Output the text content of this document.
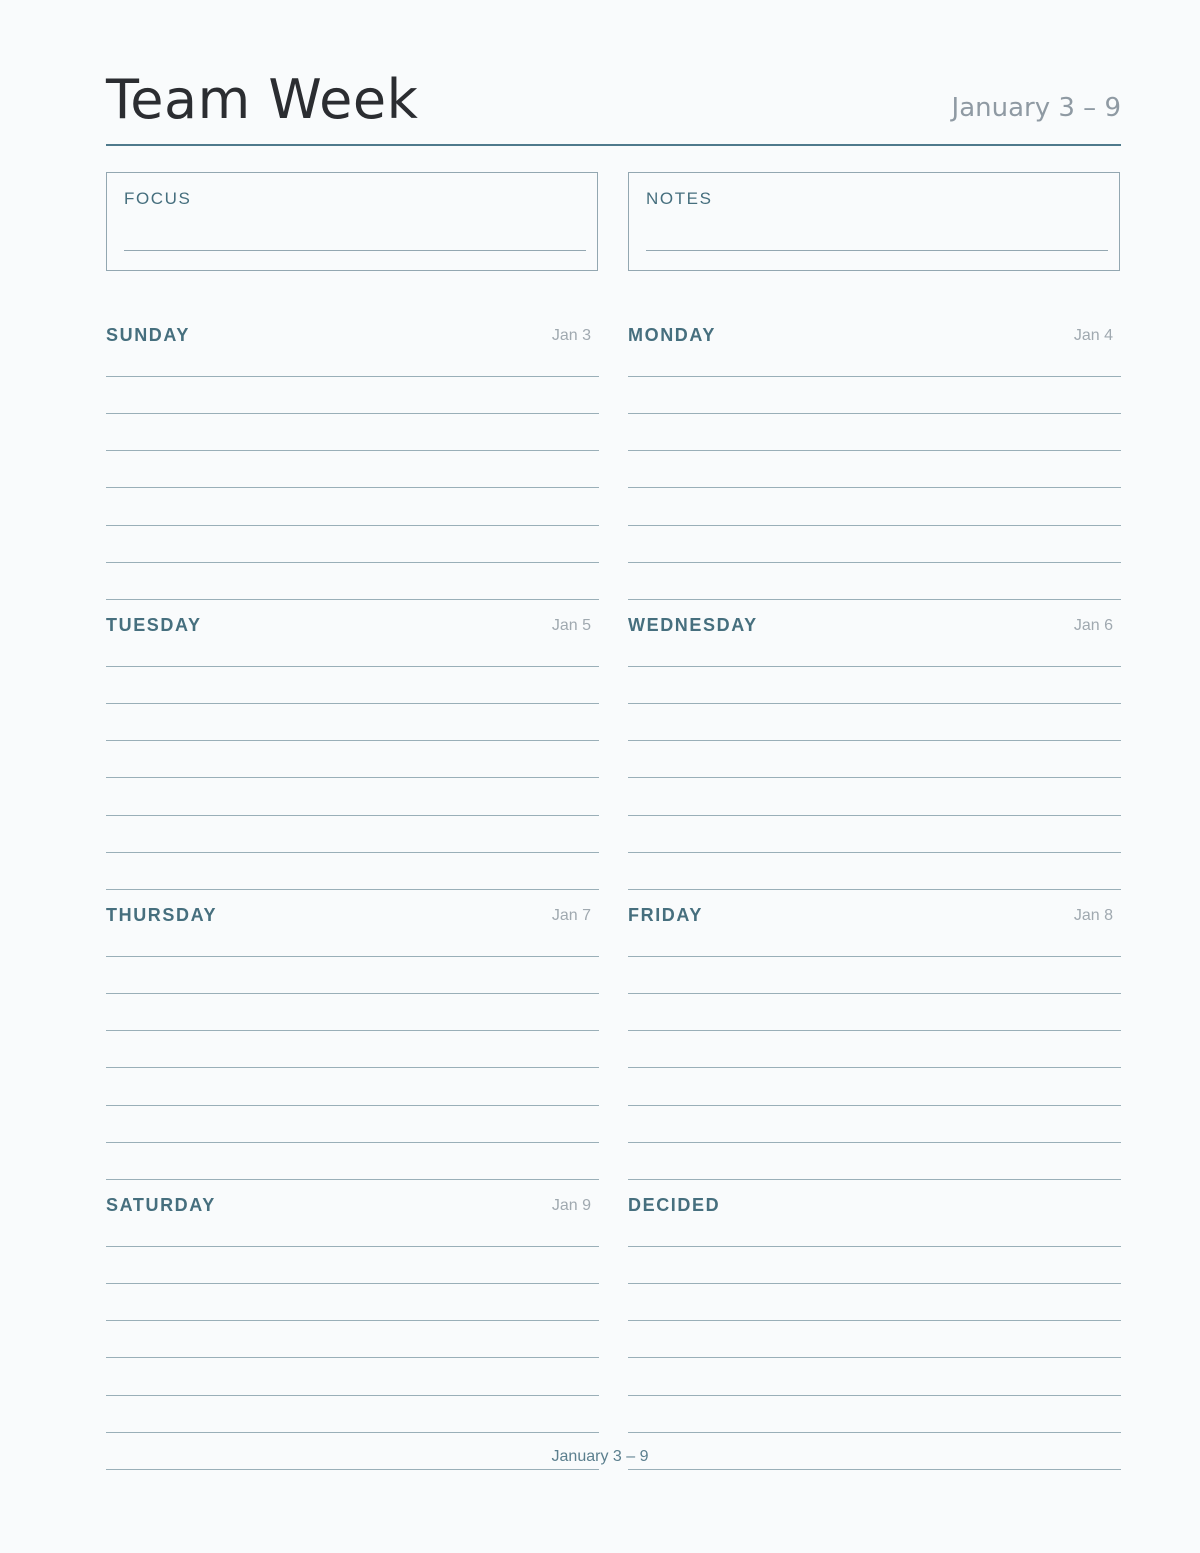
Team Week	January 3 – 9
FOCUS	NOTES
SUNDAY	Jan 3 MONDAY	Jan 4
TUESDAY	Jan 5 WEDNESDAY	Jan 6
THURSDAY	Jan 7 FRIDAY	Jan 8
SATURDAY	Jan 9 DECIDED
January 3 – 9
